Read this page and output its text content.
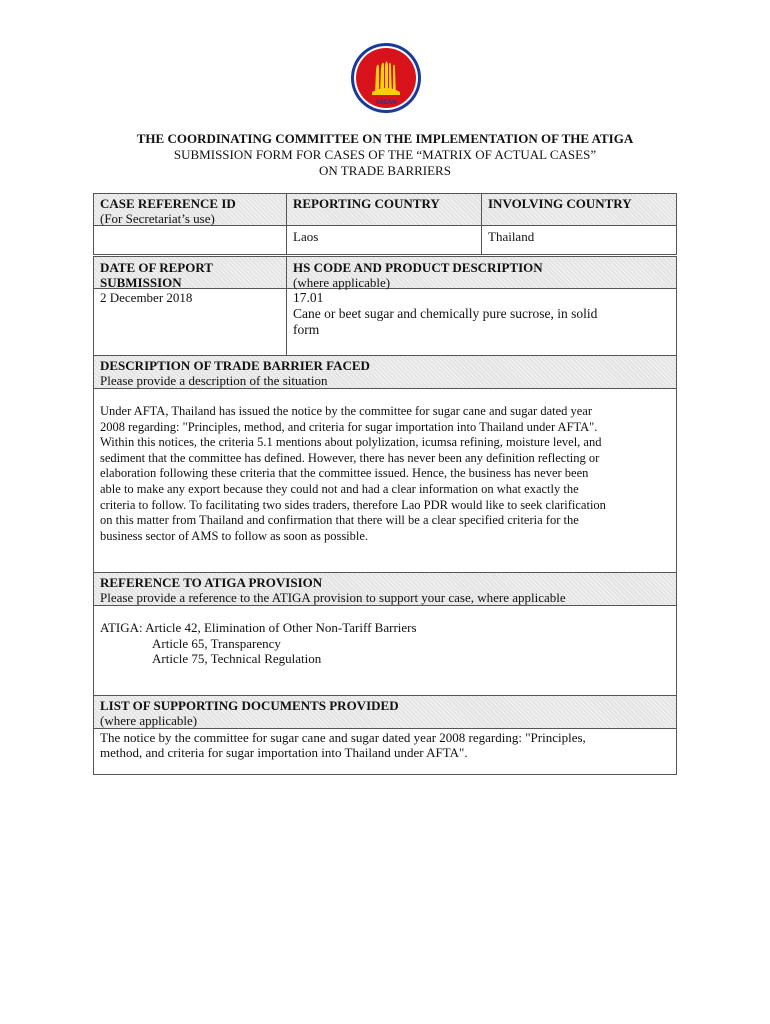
ASEAN
THE COORDINATING COMMITTEE ON THE IMPLEMENTATION OF THE ATIGA
SUBMISSION FORM FOR CASES OF THE “MATRIX OF ACTUAL CASES”
ON TRADE BARRIERS
CASE REFERENCE ID
(For Secretariat’s use)
REPORTING COUNTRY	INVOLVING COUNTRY
Laos	Thailand
DATE OF REPORT
SUBMISSION
2 December 2018
HS CODE AND PRODUCT DESCRIPTION
(where applicable)
17.01
Cane or beet sugar and chemically pure sucrose, in solid
form
DESCRIPTION OF TRADE BARRIER FACED
Please provide a description of the situation
Under AFTA, Thailand has issued the notice by the committee for sugar cane and sugar dated year
2008 regarding: "Principles, method, and criteria for sugar importation into Thailand under AFTA".
Within this notices, the criteria 5.1 mentions about polylization, icumsa refining, moisture level, and
sediment that the committee has defined. However, there has never been any definition reflecting or
elaboration following these criteria that the committee issued. Hence, the business has never been
able to make any export because they could not and had a clear information on what exactly the
criteria to follow. To facilitating two sides traders, therefore Lao PDR would like to seek clarification
on this matter from Thailand and confirmation that there will be a clear specified criteria for the
business sector of AMS to follow as soon as possible.
REFERENCE TO ATIGA PROVISION
Please provide a reference to the ATIGA provision to support your case, where applicable
ATIGA: Article 42, Elimination of Other Non-Tariff Barriers
Article 65, Transparency
Article 75, Technical Regulation
LIST OF SUPPORTING DOCUMENTS PROVIDED
(where applicable)
The notice by the committee for sugar cane and sugar dated year 2008 regarding: "Principles,
method, and criteria for sugar importation into Thailand under AFTA".
